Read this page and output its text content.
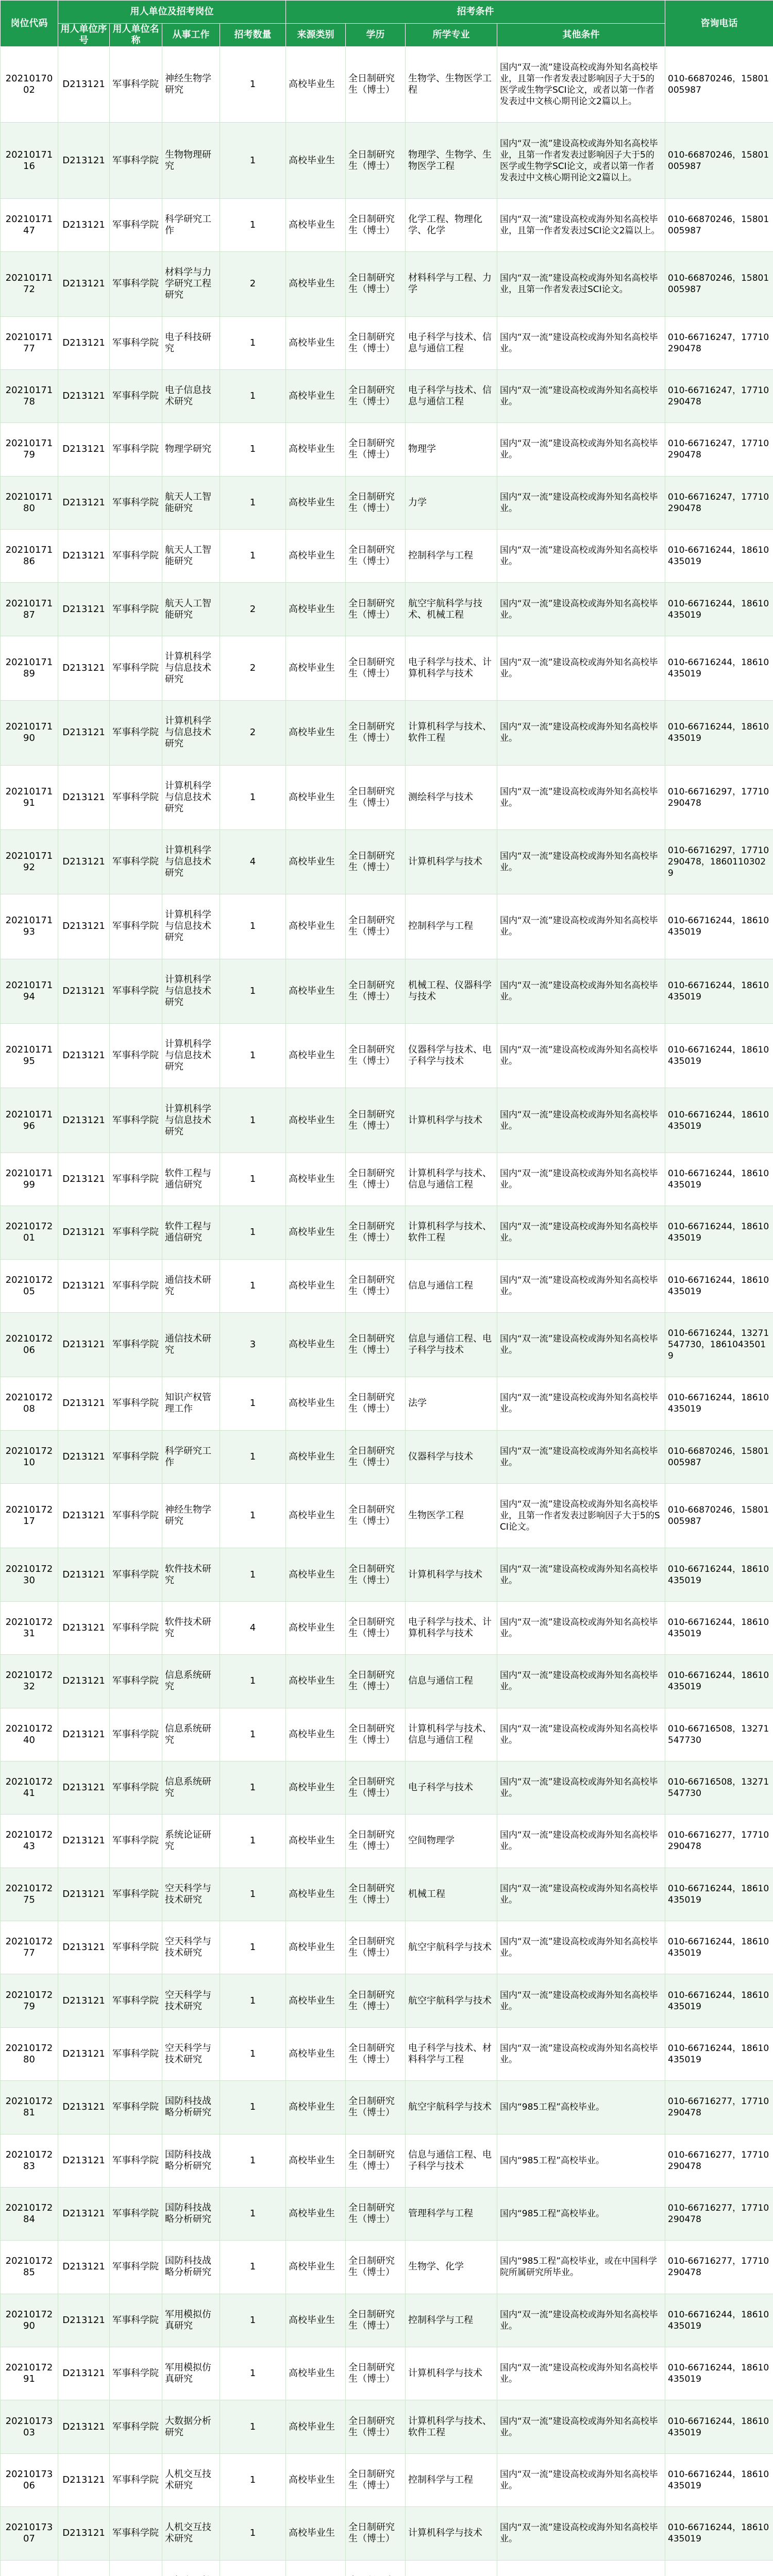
岗位代码	用人单位及招考岗位				招考条件				咨询电话
	用人单位序号	用人单位名称	从事工作	招考数量	来源类别	学历	所学专业	其他条件	
2021017002	D213121	军事科学院	神经生物学研究	1	高校毕业生	全日制研究生（博士）	生物学、生物医学工程	国内“双一流”建设高校或海外知名高校毕业，且第一作者发表过影响因子大于5的医学或生物学SCI论文，或者以第一作者发表过中文核心期刊论文2篇以上。	010-66870246，15801005987
2021017116	D213121	军事科学院	生物物理研究	1	高校毕业生	全日制研究生（博士）	物理学、生物学、生物医学工程	国内“双一流”建设高校或海外知名高校毕业，且第一作者发表过影响因子大于5的医学或生物学SCI论文，或者以第一作者发表过中文核心期刊论文2篇以上。	010-66870246，15801005987
2021017147	D213121	军事科学院	科学研究工作	1	高校毕业生	全日制研究生（博士）	化学工程、物理化学、化学	国内“双一流”建设高校或海外知名高校毕业，且第一作者发表过SCI论文2篇以上。	010-66870246，15801005987
2021017172	D213121	军事科学院	材料学与力学研究工程研究	2	高校毕业生	全日制研究生（博士）	材料科学与工程、力学	国内“双一流”建设高校或海外知名高校毕业，且第一作者发表过SCI论文。	010-66870246，15801005987
2021017177	D213121	军事科学院	电子科技研究	1	高校毕业生	全日制研究生（博士）	电子科学与技术、信息与通信工程	国内“双一流”建设高校或海外知名高校毕业。	010-66716247，17710290478
2021017178	D213121	军事科学院	电子信息技术研究	1	高校毕业生	全日制研究生（博士）	电子科学与技术、信息与通信工程	国内“双一流”建设高校或海外知名高校毕业。	010-66716247，17710290478
2021017179	D213121	军事科学院	物理学研究	1	高校毕业生	全日制研究生（博士）	物理学	国内“双一流”建设高校或海外知名高校毕业。	010-66716247，17710290478
2021017180	D213121	军事科学院	航天人工智能研究	1	高校毕业生	全日制研究生（博士）	力学	国内“双一流”建设高校或海外知名高校毕业。	010-66716247，17710290478
2021017186	D213121	军事科学院	航天人工智能研究	1	高校毕业生	全日制研究生（博士）	控制科学与工程	国内“双一流”建设高校或海外知名高校毕业。	010-66716244，18610435019
2021017187	D213121	军事科学院	航天人工智能研究	2	高校毕业生	全日制研究生（博士）	航空宇航科学与技术、机械工程	国内“双一流”建设高校或海外知名高校毕业。	010-66716244，18610435019
2021017189	D213121	军事科学院	计算机科学与信息技术研究	2	高校毕业生	全日制研究生（博士）	电子科学与技术、计算机科学与技术	国内“双一流”建设高校或海外知名高校毕业。	010-66716244，18610435019
2021017190	D213121	军事科学院	计算机科学与信息技术研究	2	高校毕业生	全日制研究生（博士）	计算机科学与技术、软件工程	国内“双一流”建设高校或海外知名高校毕业。	010-66716244，18610435019
2021017191	D213121	军事科学院	计算机科学与信息技术研究	1	高校毕业生	全日制研究生（博士）	测绘科学与技术	国内“双一流”建设高校或海外知名高校毕业。	010-66716297，17710290478
2021017192	D213121	军事科学院	计算机科学与信息技术研究	4	高校毕业生	全日制研究生（博士）	计算机科学与技术	国内“双一流”建设高校或海外知名高校毕业。	010-66716297，17710290478，18601103029
2021017193	D213121	军事科学院	计算机科学与信息技术研究	1	高校毕业生	全日制研究生（博士）	控制科学与工程	国内“双一流”建设高校或海外知名高校毕业。	010-66716244，18610435019
2021017194	D213121	军事科学院	计算机科学与信息技术研究	1	高校毕业生	全日制研究生（博士）	机械工程、仪器科学与技术	国内“双一流”建设高校或海外知名高校毕业。	010-66716244，18610435019
2021017195	D213121	军事科学院	计算机科学与信息技术研究	1	高校毕业生	全日制研究生（博士）	仪器科学与技术、电子科学与技术	国内“双一流”建设高校或海外知名高校毕业。	010-66716244，18610435019
2021017196	D213121	军事科学院	计算机科学与信息技术研究	1	高校毕业生	全日制研究生（博士）	计算机科学与技术	国内“双一流”建设高校或海外知名高校毕业。	010-66716244，18610435019
2021017199	D213121	军事科学院	软件工程与通信研究	1	高校毕业生	全日制研究生（博士）	计算机科学与技术、信息与通信工程	国内“双一流”建设高校或海外知名高校毕业。	010-66716244，18610435019
2021017201	D213121	军事科学院	软件工程与通信研究	1	高校毕业生	全日制研究生（博士）	计算机科学与技术、软件工程	国内“双一流”建设高校或海外知名高校毕业。	010-66716244，18610435019
2021017205	D213121	军事科学院	通信技术研究	1	高校毕业生	全日制研究生（博士）	信息与通信工程	国内“双一流”建设高校或海外知名高校毕业。	010-66716244，18610435019
2021017206	D213121	军事科学院	通信技术研究	3	高校毕业生	全日制研究生（博士）	信息与通信工程、电子科学与技术	国内“双一流”建设高校或海外知名高校毕业。	010-66716244，13271547730，18610435019
2021017208	D213121	军事科学院	知识产权管理工作	1	高校毕业生	全日制研究生（博士）	法学	国内“双一流”建设高校或海外知名高校毕业。	010-66716244，18610435019
2021017210	D213121	军事科学院	科学研究工作	1	高校毕业生	全日制研究生（博士）	仪器科学与技术	国内“双一流”建设高校或海外知名高校毕业。	010-66870246，15801005987
2021017217	D213121	军事科学院	神经生物学研究	1	高校毕业生	全日制研究生（博士）	生物医学工程	国内“双一流”建设高校或海外知名高校毕业，且第一作者发表过影响因子大于5的SCI论文。	010-66870246，15801005987
2021017230	D213121	军事科学院	软件技术研究	1	高校毕业生	全日制研究生（博士）	计算机科学与技术	国内“双一流”建设高校或海外知名高校毕业。	010-66716244，18610435019
2021017231	D213121	军事科学院	软件技术研究	4	高校毕业生	全日制研究生（博士）	电子科学与技术、计算机科学与技术	国内“双一流”建设高校或海外知名高校毕业。	010-66716244，18610435019
2021017232	D213121	军事科学院	信息系统研究	1	高校毕业生	全日制研究生（博士）	信息与通信工程	国内“双一流”建设高校或海外知名高校毕业。	010-66716244，18610435019
2021017240	D213121	军事科学院	信息系统研究	1	高校毕业生	全日制研究生（博士）	计算机科学与技术、信息与通信工程	国内“双一流”建设高校或海外知名高校毕业。	010-66716508，13271547730
2021017241	D213121	军事科学院	信息系统研究	1	高校毕业生	全日制研究生（博士）	电子科学与技术	国内“双一流”建设高校或海外知名高校毕业。	010-66716508，13271547730
2021017243	D213121	军事科学院	系统论证研究	1	高校毕业生	全日制研究生（博士）	空间物理学	国内“双一流”建设高校或海外知名高校毕业。	010-66716277，17710290478
2021017275	D213121	军事科学院	空天科学与技术研究	1	高校毕业生	全日制研究生（博士）	机械工程	国内“双一流”建设高校或海外知名高校毕业。	010-66716244，18610435019
2021017277	D213121	军事科学院	空天科学与技术研究	1	高校毕业生	全日制研究生（博士）	航空宇航科学与技术	国内“双一流”建设高校或海外知名高校毕业。	010-66716244，18610435019
2021017279	D213121	军事科学院	空天科学与技术研究	1	高校毕业生	全日制研究生（博士）	航空宇航科学与技术	国内“双一流”建设高校或海外知名高校毕业。	010-66716244，18610435019
2021017280	D213121	军事科学院	空天科学与技术研究	1	高校毕业生	全日制研究生（博士）	电子科学与技术、材料科学与工程	国内“双一流”建设高校或海外知名高校毕业。	010-66716244，18610435019
2021017281	D213121	军事科学院	国防科技战略分析研究	1	高校毕业生	全日制研究生（博士）	航空宇航科学与技术	国内“985工程”高校毕业。	010-66716277，17710290478
2021017283	D213121	军事科学院	国防科技战略分析研究	1	高校毕业生	全日制研究生（博士）	信息与通信工程、电子科学与技术	国内“985工程”高校毕业。	010-66716277，17710290478
2021017284	D213121	军事科学院	国防科技战略分析研究	1	高校毕业生	全日制研究生（博士）	管理科学与工程	国内“985工程”高校毕业。	010-66716277，17710290478
2021017285	D213121	军事科学院	国防科技战略分析研究	1	高校毕业生	全日制研究生（博士）	生物学、化学	国内“985工程”高校毕业，或在中国科学院所属研究所毕业。	010-66716277，17710290478
2021017290	D213121	军事科学院	军用模拟仿真研究	1	高校毕业生	全日制研究生（博士）	控制科学与工程	国内“双一流”建设高校或海外知名高校毕业。	010-66716244，18610435019
2021017291	D213121	军事科学院	军用模拟仿真研究	1	高校毕业生	全日制研究生（博士）	计算机科学与技术	国内“双一流”建设高校或海外知名高校毕业。	010-66716244，18610435019
2021017303	D213121	军事科学院	大数据分析研究	1	高校毕业生	全日制研究生（博士）	计算机科学与技术、软件工程	国内“双一流”建设高校或海外知名高校毕业。	010-66716244，18610435019
2021017306	D213121	军事科学院	人机交互技术研究	1	高校毕业生	全日制研究生（博士）	控制科学与工程	国内“双一流”建设高校或海外知名高校毕业。	010-66716244，18610435019
2021017307	D213121	军事科学院	人机交互技术研究	1	高校毕业生	全日制研究生（博士）	计算机科学与技术	国内“双一流”建设高校或海外知名高校毕业。	010-66716244，18610435019
